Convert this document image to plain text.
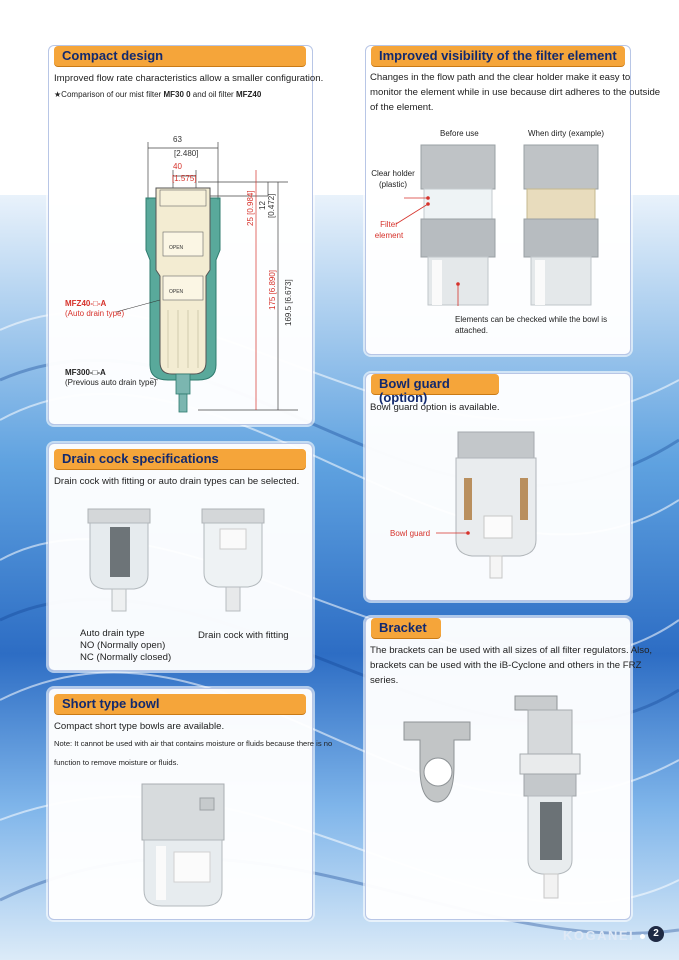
Compact design
Improved flow rate characteristics allow a smaller configuration.
★Comparison of our mist filter MF30 0 and oil filter MFZ40
63
[2.480]
40
[1.575]
25 [0.984] 12 [0.472]
175 [6.890] 169.5 [6.673]
OPEN
OPEN
MFZ40-□-A
(Auto drain type)
MF300-□-A
(Previous auto drain type)
Improved visibility of the filter element
Changes in the flow path and the clear holder make it easy to monitor the element while in use because dirt adheres to the outside of the element.
Before use	When dirty (example)
Clear holder (plastic)
Filter element
Elements can be checked while the bowl is attached.
Bowl guard (option)
Bowl guard option is available.
Bowl guard
Drain cock specifications
Drain cock with fitting or auto drain types can be selected.
Auto drain type
NO (Normally open)
NC (Normally closed)
Drain cock with fitting
Bracket
The brackets can be used with all sizes of all filter regulators. Also, brackets can be used with the iB-Cyclone and others in the FRZ series.
Short type bowl
Compact short type bowls are available.
Note: It cannot be used with air that contains moisture or fluids because there is no function to remove moisture or fluids.
KOGANEI	2
